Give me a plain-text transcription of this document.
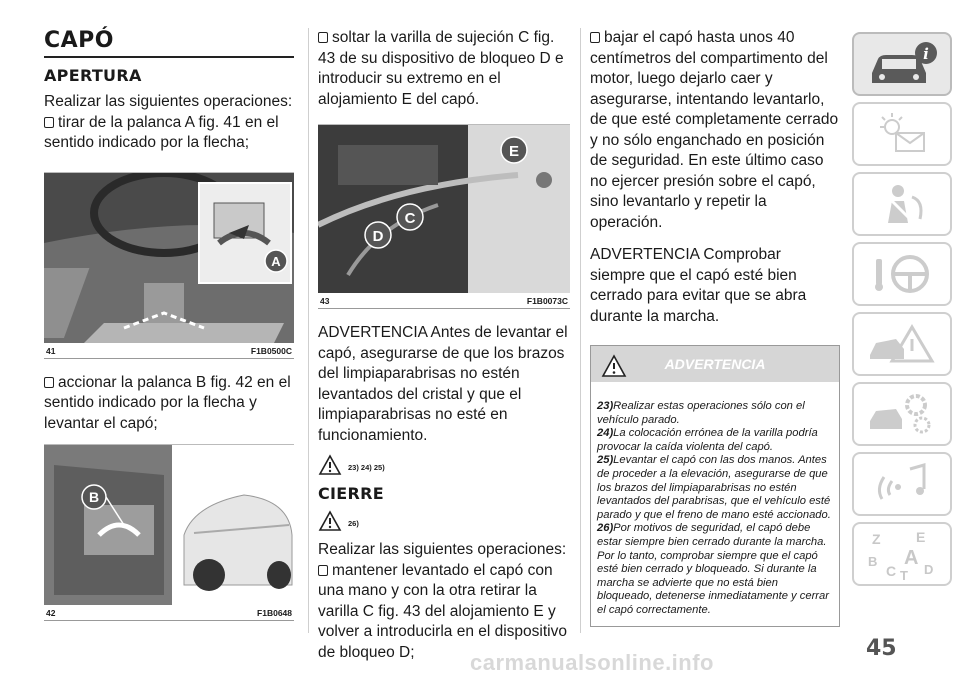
CAPÓ
APERTURA
Realizar las siguientes operaciones:
tirar de la palanca A fig. 41 en el sentido indicado por la flecha;
A
41	F1B0500C
accionar la palanca B fig. 42 en el sentido indicado por la flecha y levantar el capó;
B
42	F1B0648
soltar la varilla de sujeción C fig. 43 de su dispositivo de bloqueo D e introducir su extremo en el alojamiento E del capó.
E
C
D
43	F1B0073C
ADVERTENCIA Antes de levantar el capó, asegurarse de que los brazos del limpiaparabrisas no estén levantados del cristal y que el limpiaparabrisas no esté en funcionamiento.
23) 24) 25)
CIERRE
26)
Realizar las siguientes operaciones:
mantener levantado el capó con una mano y con la otra retirar la varilla C fig. 43 del alojamiento E y volver a introducirla en el dispositivo de bloqueo D;
bajar el capó hasta unos 40 centímetros del compartimento del motor, luego dejarlo caer y asegurarse, intentando levantarlo, de que esté completamente cerrado y no sólo enganchado en posición de seguridad. En este último caso no ejercer presión sobre el capó, sino levantarlo y repetir la operación.
ADVERTENCIA Comprobar siempre que el capó esté bien cerrado para evitar que se abra durante la marcha.
ADVERTENCIA
23)Realizar estas operaciones sólo con el vehículo parado.
24)La colocación errónea de la varilla podría provocar la caída violenta del capó.
25)Levantar el capó con las dos manos. Antes de proceder a la elevación, asegurarse de que los brazos del limpiaparabrisas no estén levantados del parabrisas, que el vehículo esté parado y que el freno de mano esté accionado.
26)Por motivos de seguridad, el capó debe estar siempre bien cerrado durante la marcha. Por lo tanto, comprobar siempre que el capó esté bien cerrado y bloqueado. Si durante la marcha se advierte que no está bien bloqueado, detenerse inmediatamente y cerrar el capó correctamente.
i
Z	E
B A
C T D
45
carmanualsonline.info
